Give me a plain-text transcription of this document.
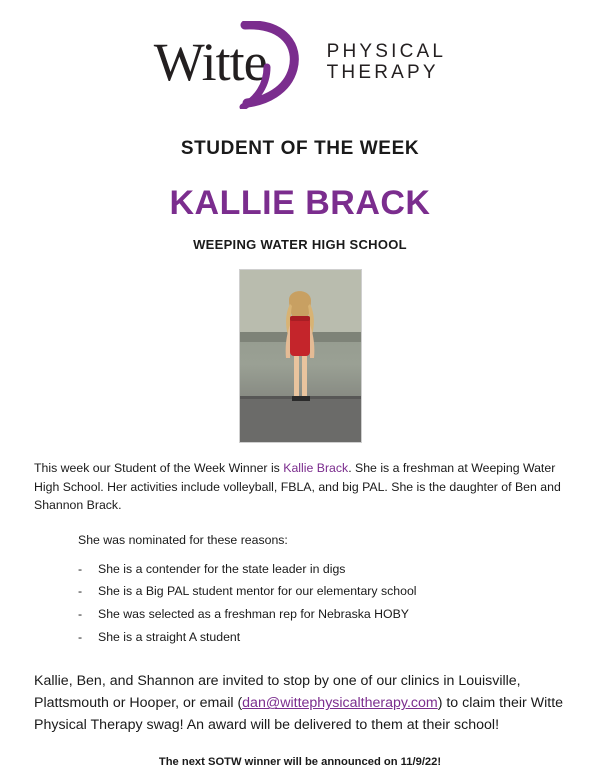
Witte	PHYSICAL
THERAPY
STUDENT OF THE WEEK
KALLIE BRACK
WEEPING WATER HIGH SCHOOL
This week our Student of the Week Winner is Kallie Brack. She is a freshman at Weeping Water High School. Her activities include volleyball, FBLA, and big PAL. She is the daughter of Ben and Shannon Brack.
She was nominated for these reasons:
-	She is a contender for the state leader in digs
-	She is a Big PAL student mentor for our elementary school
-	She was selected as a freshman rep for Nebraska HOBY
-	She is a straight A student
Kallie, Ben, and Shannon are invited to stop by one of our clinics in Louisville, Plattsmouth or Hooper, or email (dan@wittephysicaltherapy.com) to claim their Witte Physical Therapy swag! An award will be delivered to them at their school!
The next SOTW winner will be announced on 11/9/22!
